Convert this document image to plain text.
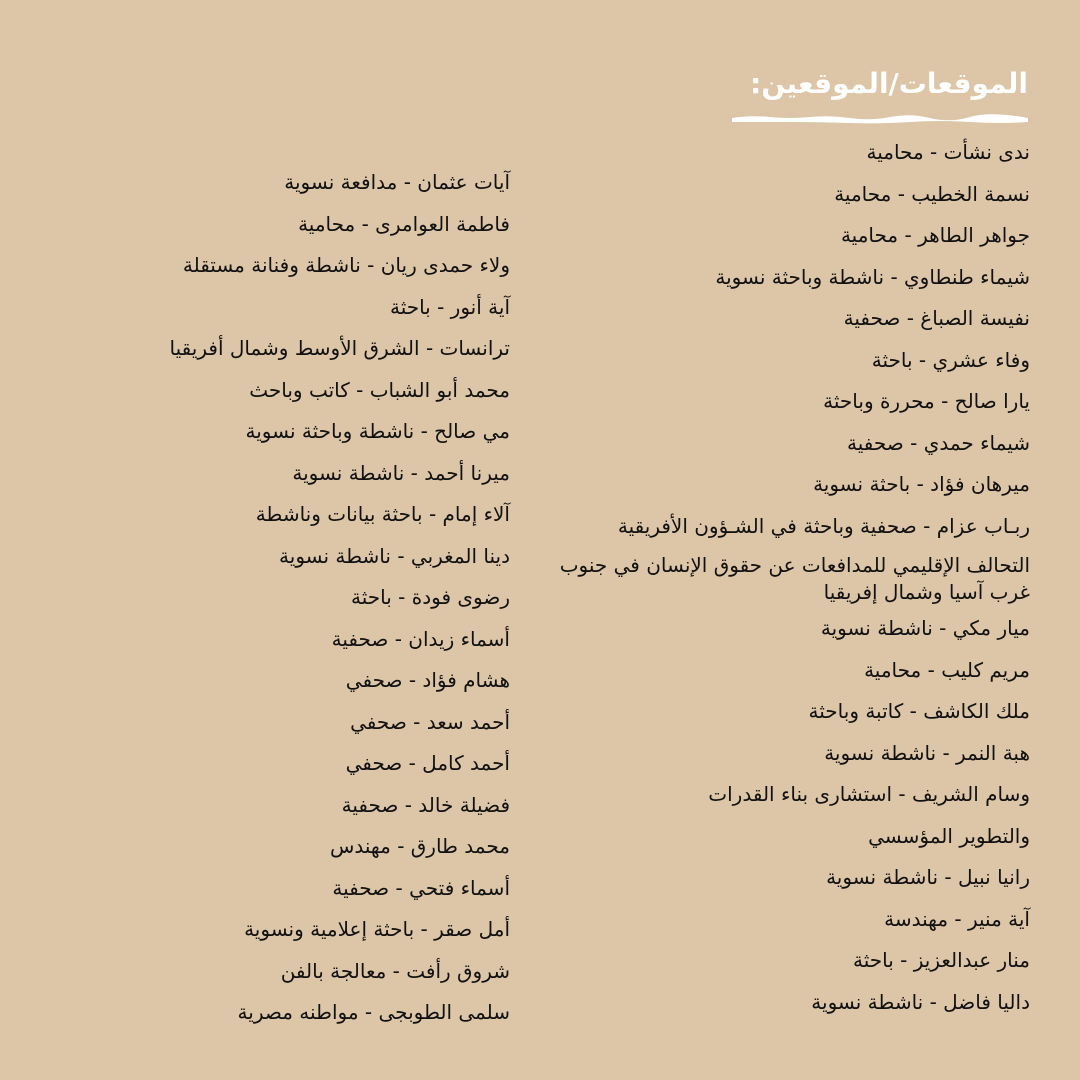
الموقعات/الموقعين:
ندى نشأت - محامية
نسمة الخطيب - محامية
جواهر الطاهر - محامية
شيماء طنطاوي - ناشطة وباحثة نسوية
نفيسة الصباغ - صحفية
وفاء عشري - باحثة
يارا صالح - محررة وباحثة
شيماء حمدي - صحفية
ميرهان فؤاد - باحثة نسوية
ربـاب عزام - صحفية وباحثة في الشـؤون الأفريقية
التحالف الإقليمي للمدافعات عن حقوق الإنسان في جنوب غرب آسيا وشمال إفريقيا
ميار مكي - ناشطة نسوية
مريم كليب - محامية
ملك الكاشف - كاتبة وباحثة
هبة النمر - ناشطة نسوية
وسام الشريف - استشارى بناء القدرات
والتطوير المؤسسي
رانيا نبيل - ناشطة نسوية
آية منير - مهندسة
منار عبدالعزيز - باحثة
داليا فاضل - ناشطة نسوية
آيات عثمان - مدافعة نسوية
فاطمة العوامرى - محامية
ولاء حمدى ريان - ناشطة وفنانة مستقلة
آية أنور - باحثة
ترانسات - الشرق الأوسط وشمال أفريقيا
محمد أبو الشباب - كاتب وباحث
مي صالح - ناشطة وباحثة نسوية
ميرنا أحمد - ناشطة نسوية
آلاء إمام - باحثة بيانات وناشطة
دينا المغربي - ناشطة نسوية
رضوى فودة - باحثة
أسماء زيدان - صحفية
هشام فؤاد - صحفي
أحمد سعد - صحفي
أحمد كامل - صحفي
فضيلة خالد - صحفية
محمد طارق - مهندس
أسماء فتحي - صحفية
أمل صقر - باحثة إعلامية ونسوية
شروق رأفت - معالجة بالفن
سلمى الطوبجى - مواطنه مصرية
